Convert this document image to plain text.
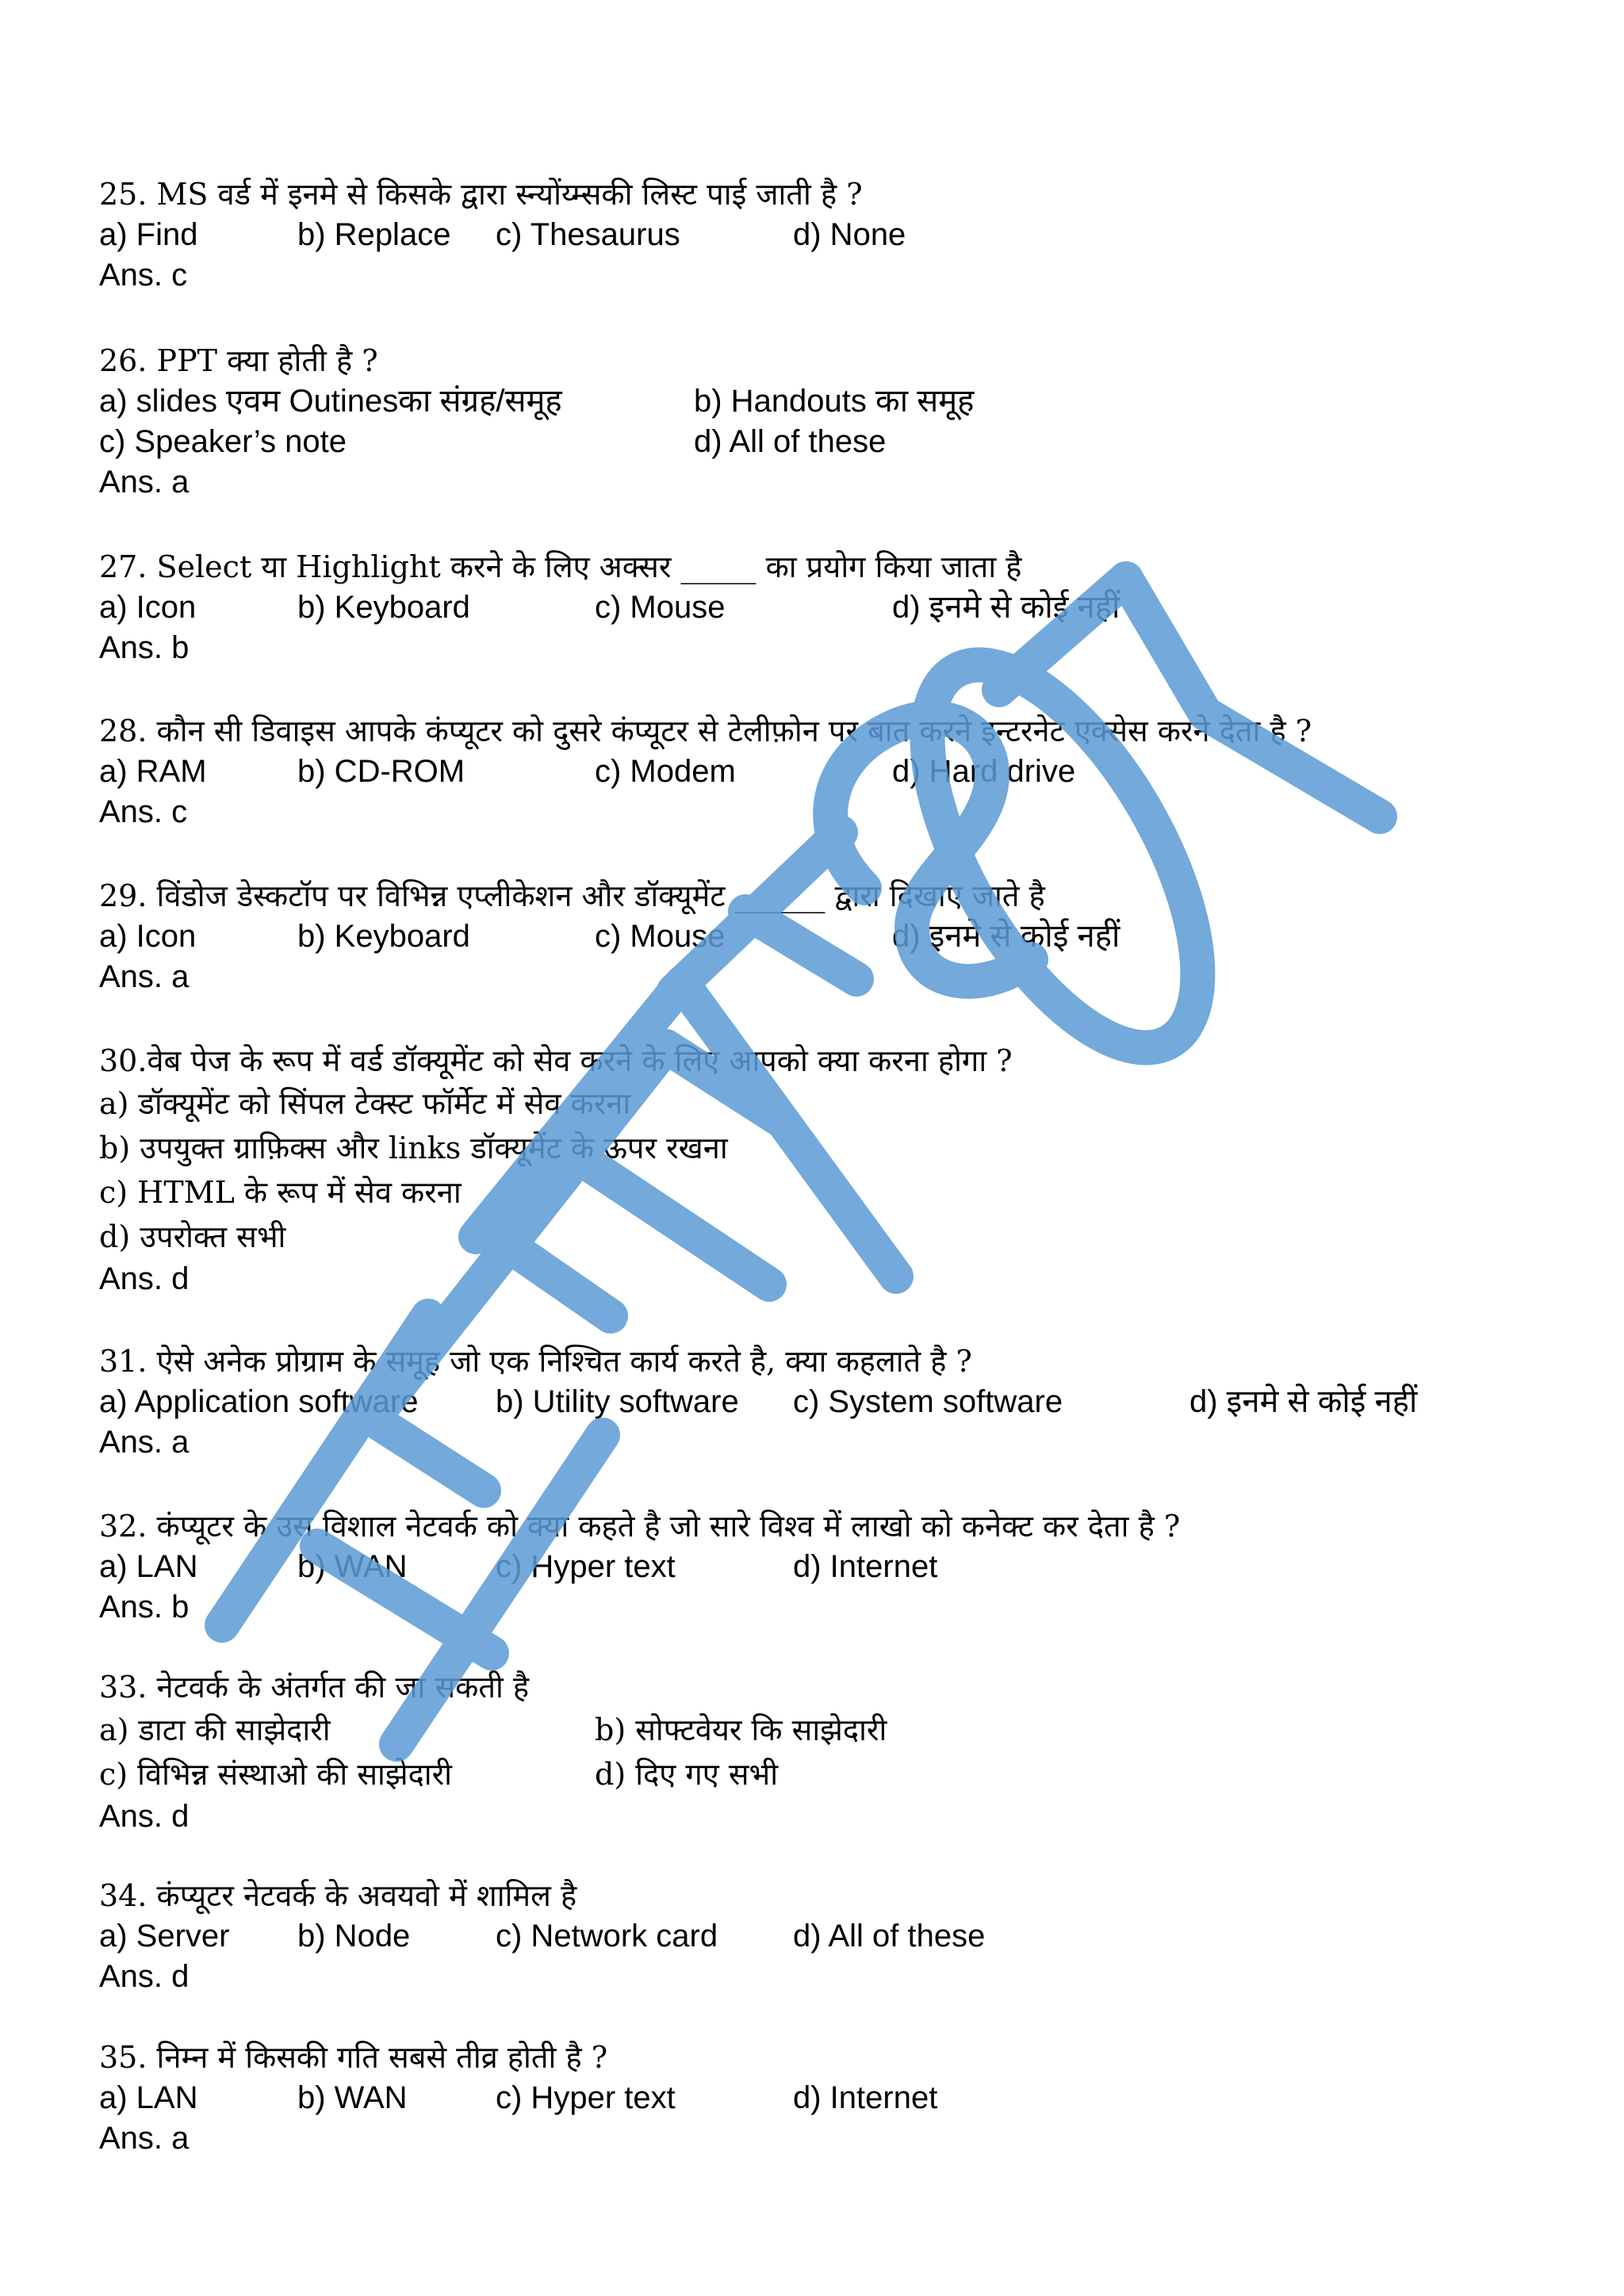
25. MS वर्ड में इनमे से किसके द्वारा स्न्योंय्म्सकी लिस्ट पाई जाती है ?
a) Find	b) Replace c) Thesaurus	d) None
Ans. c
26. PPT क्या होती है ?
a) slides एवम Outinesका संग्रह/समूह	b) Handouts का समूह
c) Speaker’s note	d) All of these
Ans. a
27. Select या Highlight करने के लिए अक्सर _____ का प्रयोग किया जाता है
a) Icon	b) Keyboard	c) Mouse	d) इनमे से कोई नहीं
Ans. b
28. कौन सी डिवाइस आपके कंप्यूटर को दुसरे कंप्यूटर से टेलीफ़ोन पर बात करने इन्टरनेट एक्सेस करने देता है ?
a) RAM	b) CD-ROM	c) Modem	d) Hard drive
Ans. c
29. विंडोज डेस्कटॉप पर विभिन्न एप्लीकेशन और डॉक्यूमेंट ______ द्वारा दिखाए जाते है
a) Icon	b) Keyboard	c) Mouse	d) इनमे से कोई नहीं
Ans. a
30.वेब पेज के रूप में वर्ड डॉक्यूमेंट को सेव करने के लिए आपको क्या करना होगा ?
a) डॉक्यूमेंट को सिंपल टेक्स्ट फॉर्मेट में सेव करना
b) उपयुक्त ग्राफ़िक्स और links डॉक्यूमेंट के ऊपर रखना
c) HTML के रूप में सेव करना
d) उपरोक्त सभी
Ans. d
31. ऐसे अनेक प्रोग्राम के समूह जो एक निश्चित कार्य करते है, क्या कहलाते है ?
a) Application software b) Utility software c) System software	d) इनमे से कोई नहीं
Ans. a
32. कंप्यूटर के उस विशाल नेटवर्क को क्या कहते है जो सारे विश्व में लाखो को कनेक्ट कर देता है ?
a) LAN	b) WAN	c) Hyper text	d) Internet
Ans. b
33. नेटवर्क के अंतर्गत की जा सकती है
a) डाटा की साझेदारी	b) सोफ्टवेयर कि साझेदारी
c) विभिन्न संस्थाओ की साझेदारी	d) दिए गए सभी
Ans. d
34. कंप्यूटर नेटवर्क के अवयवो में शामिल है
a) Server b) Node	c) Network card d) All of these
Ans. d
35. निम्न में किसकी गति सबसे तीव्र होती है ?
a) LAN	b) WAN	c) Hyper text	d) Internet
Ans. a
